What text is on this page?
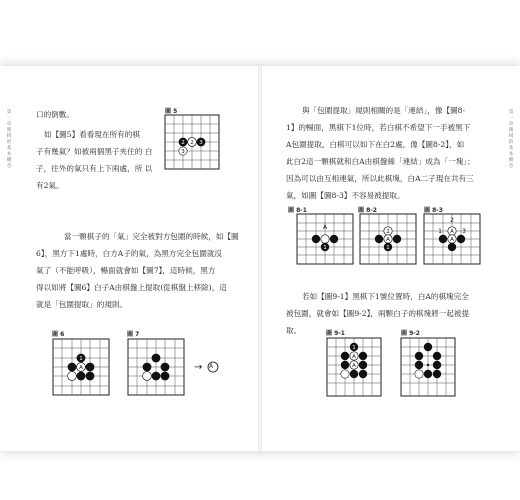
第一章 圍棋的基本概念

口的倒數。

如【圖5】看看現在所有的棋

子有幾氣？如被兩個黑子夾住的 白

子，往外的氣只有上下兩處，所 以

有2氣。

圖 5
2 2 3
3

當一顆棋子的「氣」完全被對方包圍的時候，如【圖

6】，黑方下1處時，白方A子的氣，為黑方完全包圍就沒

氣了（不能呼吸），暢面就會如【圖7】，這時候，黑方

得以如將【圖6】白子A由棋盤上提取(從棋盤上移除)，這

就是「包圍提取」的規則。

圖 6
1
A
圖 7
→ A
第一章 圍棋的基本概念

與「包圍提取」規則相關的是「連結」，像【圖8-

1】的暢面，黑棋下1位時，若白棋不希望下一手被黑下

A包圍提取，白棋可以如下在白2處，像【圖8-2】，如

此白2這一顆棋就和白A由棋盤線「連結」成為「一塊」；

因為可以由互相連氣，所以此棋塊，白A二子現在共有三

氣，如圖【圖8-3】不容易被提取。

圖 8-1
A
1
圖 8-2
2
A
1
圖 8-3
2
1	3
A
A

若如【圖9-1】黑棋下1號位置時，白A的棋塊完全

被包圍，就會如【圖9-2】，兩顆白子的棋塊將一起被提

取。	圖 9-1
1
A
A
圖 9-2
